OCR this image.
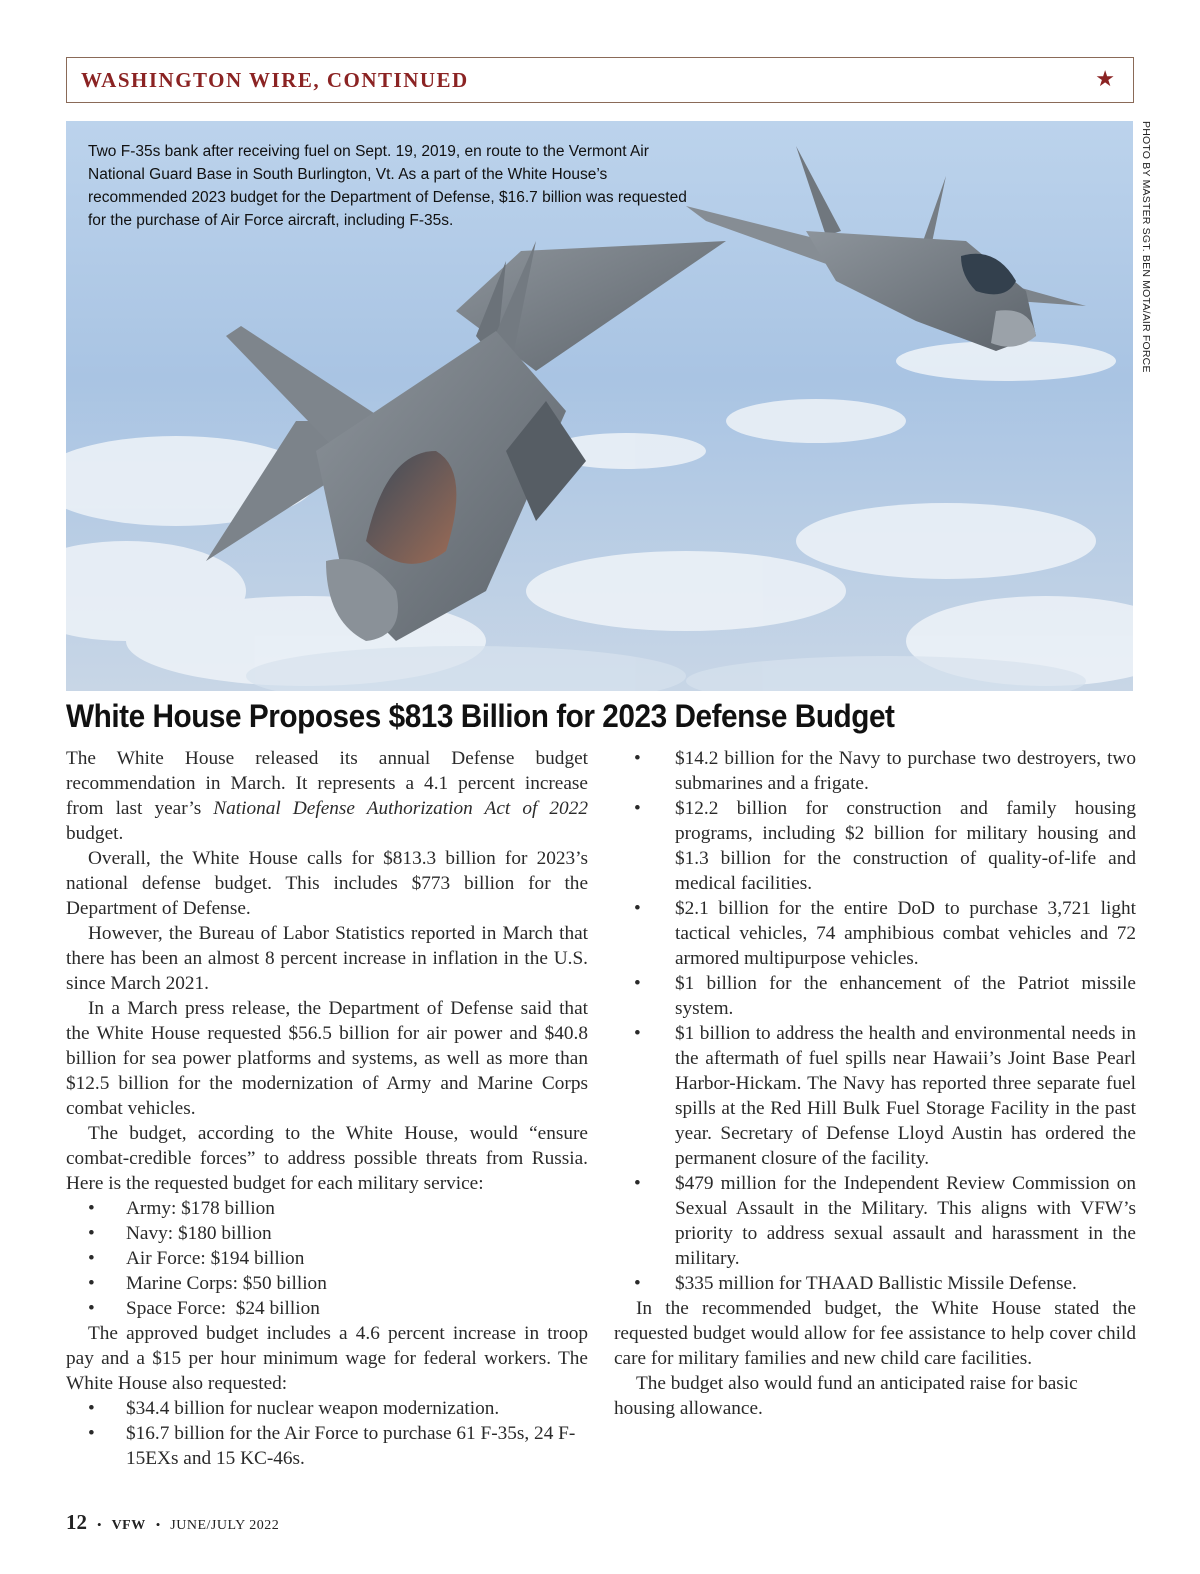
WASHINGTON WIRE, CONTINUED	★
Two F-35s bank after receiving fuel on Sept. 19, 2019, en route to the Vermont Air National Guard Base in South Burlington, Vt. As a part of the White House’s recommended 2023 budget for the Department of Defense, $16.7 billion was requested for the purchase of Air Force aircraft, including F-35s.	PHOTO BY MASTER SGT. BEN MOTA/AIR FORCE
White House Proposes $813 Billion for 2023 Defense Budget

The White House released its annual Defense budget recommendation in March. It represents a 4.1 percent increase from last year’s National Defense Authorization Act of 2022 budget.

Overall, the White House calls for $813.3 billion for 2023’s national defense budget. This includes $773 billion for the Department of Defense.

However, the Bureau of Labor Statistics reported in March that there has been an almost 8 percent increase in inflation in the U.S. since March 2021.

In a March press release, the Department of Defense said that the White House requested $56.5 billion for air power and $40.8 billion for sea power platforms and systems, as well as more than $12.5 billion for the modernization of Army and Marine Corps combat vehicles.

The budget, according to the White House, would “ensure combat-credible forces” to address possible threats from Russia. Here is the requested budget for each military service:

• Army: $178 billion
• Navy: $180 billion
• Air Force: $194 billion
• Marine Corps: $50 billion
• Space Force:  $24 billion

The approved budget includes a 4.6 percent increase in troop pay and a $15 per hour minimum wage for federal workers. The White House also requested:

• $34.4 billion for nuclear weapon modernization.
• $16.7 billion for the Air Force to purchase 61 F-35s, 24 F-15EXs and 15 KC-46s.
• $14.2 billion for the Navy to purchase two destroyers, two submarines and a frigate.
• $12.2 billion for construction and family housing programs, including $2 billion for military housing and $1.3 billion for the construction of quality-of-life and medical facilities.
• $2.1 billion for the entire DoD to purchase 3,721 light tactical vehicles, 74 amphibious combat vehicles and 72 armored multipurpose vehicles.
• $1 billion for the enhancement of the Patriot missile system.
• $1 billion to address the health and environmental needs in the aftermath of fuel spills near Hawaii’s Joint Base Pearl Harbor-Hickam. The Navy has reported three separate fuel spills at the Red Hill Bulk Fuel Storage Facility in the past year. Secretary of Defense Lloyd Austin has ordered the permanent closure of the facility.
• $479 million for the Independent Review Commission on Sexual Assault in the Military. This aligns with VFW’s priority to address sexual assault and harassment in the military.
• $335 million for THAAD Ballistic Missile Defense.

In the recommended budget, the White House stated the requested budget would allow for fee assistance to help cover child care for military families and new child care facilities.

The budget also would fund an anticipated raise for basic housing allowance.

12 • VFW • JUNE/JULY 2022
